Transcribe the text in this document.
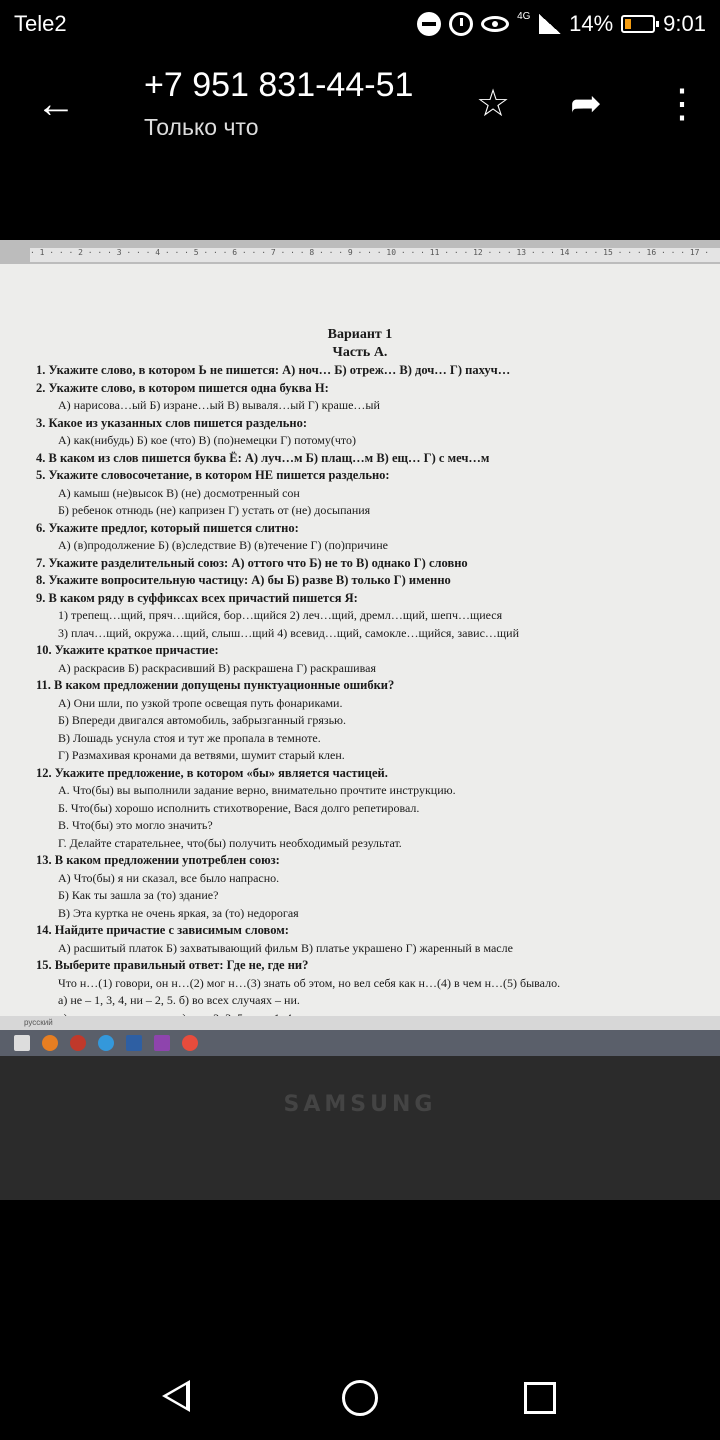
Tele2	4G 14% 9:01
← +7 951 831-44-51
Только что
☆ ➦ ⋮
· 1 · · · 2 · · · 3 · · · 4 · · · 5 · · · 6 · · · 7 · · · 8 · · · 9 · · · 10 · · · 11 · · · 12 · · · 13 · · · 14 · · · 15 · · · 16 · · · 17 ·
Вариант 1
Часть А.
1. Укажите слово, в котором Ь не пишется: А) ноч… Б) отреж… В) доч… Г) пахуч…
2. Укажите слово, в котором пишется одна буква Н:
А) нарисова…ый Б) изране…ый В) вываля…ый Г) краше…ый
3. Какое из указанных слов пишется раздельно:
А) как(нибудь) Б) кое (что) В) (по)немецки Г) потому(что)
4. В каком из слов пишется буква Ё: А) луч…м Б) плащ…м В) ещ… Г) с меч…м
5. Укажите словосочетание, в котором НЕ пишется раздельно:
А) камыш (не)высок В) (не) досмотренный сон
Б) ребенок отнюдь (не) капризен Г) устать от (не) досыпания
6. Укажите предлог, который пишется слитно:
А) (в)продолжение Б) (в)следствие В) (в)течение Г) (по)причине
7. Укажите разделительный союз: А) оттого что Б) не то В) однако Г) словно
8. Укажите вопросительную частицу: А) бы Б) разве В) только Г) именно
9. В каком ряду в суффиксах всех причастий пишется Я:
1) трепещ…щий, пряч…щийся, бор…щийся 2) леч…щий, дремл…щий, шепч…щиеся
3) плач…щий, окружа…щий, слыш…щий 4) всевид…щий, самокле…щийся, завис…щий
10. Укажите краткое причастие:
А) раскрасив Б) раскрасивший В) раскрашена Г) раскрашивая
11. В каком предложении допущены пунктуационные ошибки?
А) Они шли, по узкой тропе освещая путь фонариками.
Б) Впереди двигался автомобиль, забрызганный грязью.
В) Лошадь уснула стоя и тут же пропала в темноте.
Г) Размахивая кронами да ветвями, шумит старый клен.
12. Укажите предложение, в котором «бы» является частицей.
А. Что(бы) вы выполнили задание верно, внимательно прочтите инструкцию.
Б. Что(бы) хорошо исполнить стихотворение, Вася долго репетировал.
В. Что(бы) это могло значить?
Г. Делайте старательнее, что(бы) получить необходимый результат.
13. В каком предложении употреблен союз:
А) Что(бы) я ни сказал, все было напрасно.
Б) Как ты зашла за (то) здание?
В) Эта куртка не очень яркая, за (то) недорогая
14. Найдите причастие с зависимым словом:
А) расшитый платок Б) захватывающий фильм В) платье украшено Г) жаренный в масле
15. Выберите правильный ответ: Где не, где ни?
Что н…(1) говори, он н…(2) мог н…(3) знать об этом, но вел себя как н…(4) в чем н…(5) бывало.
а) не – 1, 3, 4, ни – 2, 5. б) во всех случаях – ни.
русский
SAMSUNG
